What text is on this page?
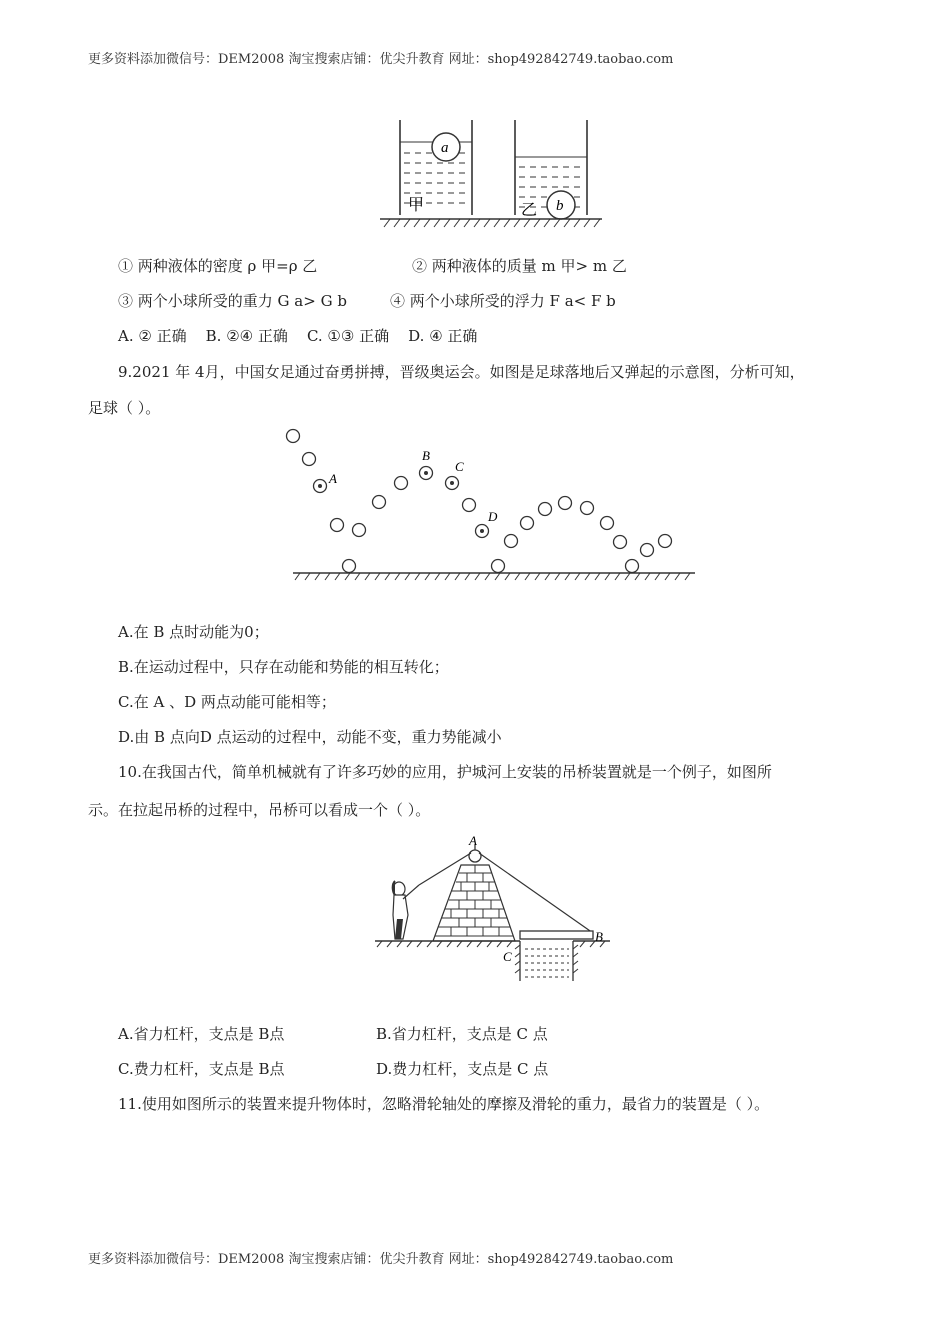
更多资料添加微信号：DEM2008 淘宝搜索店铺：优尖升教育 网址：shop492842749.taobao.com
a
b
甲	乙
① 两种液体的密度 ρ 甲=ρ 乙	② 两种液体的质量 m 甲> m 乙
③ 两个小球所受的重力 G a> G b	④ 两个小球所受的浮力 F a< F b
A. ② 正确    B. ②④ 正确    C. ①③ 正确    D. ④ 正确
9.2021 年 4月，中国女足通过奋勇拼搏，晋级奥运会。如图是足球落地后又弹起的示意图，分析可知，
足球（ ）。
A
B
C
D
A.在 B 点时动能为0；
B.在运动过程中，只存在动能和势能的相互转化；
C.在 A 、D 两点动能可能相等；
D.由 B 点向D 点运动的过程中，动能不变，重力势能减小
10.在我国古代，简单机械就有了许多巧妙的应用，护城河上安装的吊桥装置就是一个例子，如图所
示。在拉起吊桥的过程中，吊桥可以看成一个（ ）。
A
B
C
A.省力杠杆，支点是 B点	B.省力杠杆，支点是 C 点
C.费力杠杆，支点是 B点	D.费力杠杆，支点是 C 点
11.使用如图所示的装置来提升物体时，忽略滑轮轴处的摩擦及滑轮的重力，最省力的装置是（ ）。
更多资料添加微信号：DEM2008 淘宝搜索店铺：优尖升教育 网址：shop492842749.taobao.com
